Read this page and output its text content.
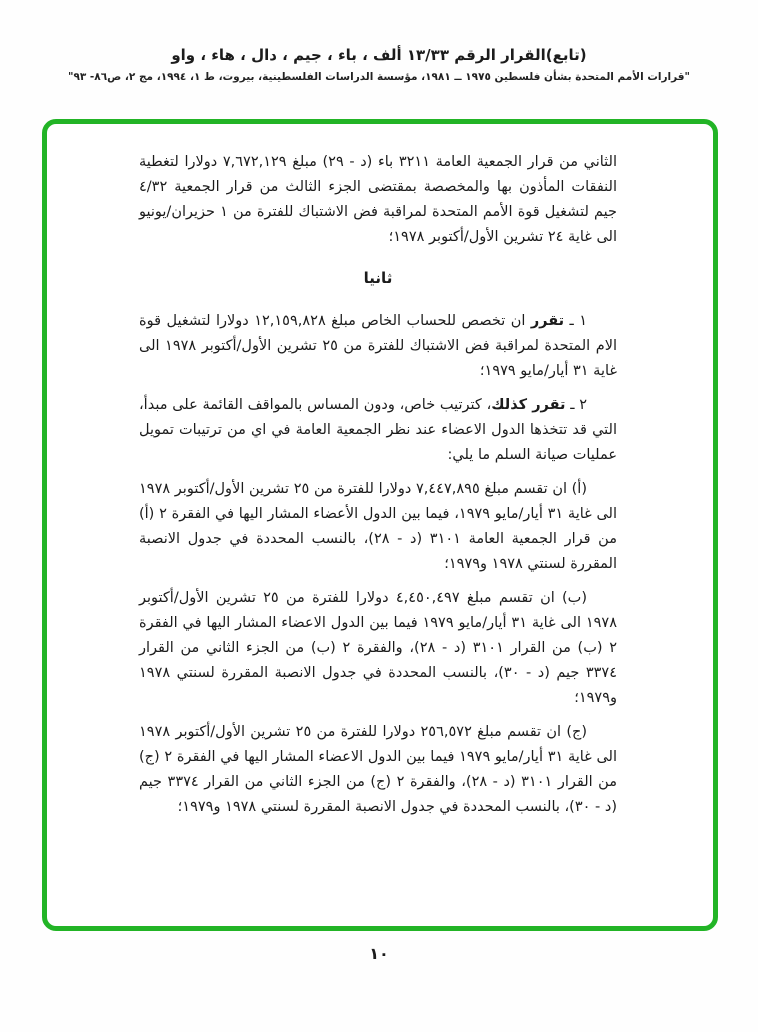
(تابع)القرار الرقم ١٣/٣٣ ألف ، باء ، جيم ، دال ، هاء ، واو
"قرارات الأمم المتحدة بشأن فلسطين ١٩٧٥ ــ ١٩٨١، مؤسسة الدراسات الفلسطينية، بيروت، ط ١، ١٩٩٤، مج ٢، ص٨٦- ٩٣"

الثاني من قرار الجمعية العامة ٣٢١١ باء (د - ٢٩) مبلغ ٧,٦٧٢,١٢٩ دولارا لتغطية النفقات المأذون بها والمخصصة بمقتضى الجزء الثالث من قرار الجمعية ٤/٣٢ جيم لتشغيل قوة الأمم المتحدة لمراقبة فض الاشتباك للفترة من ١ حزيران/يونيو الى غاية ٢٤ تشرين الأول/أكتوبر ١٩٧٨؛

ثانيا

١ ـ تقرر ان تخصص للحساب الخاص مبلغ ١٢,١٥٩,٨٢٨ دولارا لتشغيل قوة الام المتحدة لمراقبة فض الاشتباك للفترة من ٢٥ تشرين الأول/أكتوبر ١٩٧٨ الى غاية ٣١ أيار/مايو ١٩٧٩؛

٢ ـ تقرر كذلك، كترتيب خاص، ودون المساس بالمواقف القائمة على مبدأ، التي قد تتخذها الدول الاعضاء عند نظر الجمعية العامة في اي من ترتيبات تمويل عمليات صيانة السلم ما يلي:

(أ) ان تقسم مبلغ ٧,٤٤٧,٨٩٥ دولارا للفترة من ٢٥ تشرين الأول/أكتوبر ١٩٧٨ الى غاية ٣١ أيار/مايو ١٩٧٩، فيما بين الدول الأعضاء المشار اليها في الفقرة ٢ (أ) من قرار الجمعية العامة ٣١٠١ (د - ٢٨)، بالنسب المحددة في جدول الانصبة المقررة لسنتي ١٩٧٨ و١٩٧٩؛

(ب) ان تقسم مبلغ ٤,٤٥٠,٤٩٧ دولارا للفترة من ٢٥ تشرين الأول/أكتوبر ١٩٧٨ الى غاية ٣١ أيار/مايو ١٩٧٩ فيما بين الدول الاعضاء المشار اليها في الفقرة ٢ (ب) من القرار ٣١٠١ (د - ٢٨)، والفقرة ٢ (ب) من الجزء الثاني من القرار ٣٣٧٤ جيم (د - ٣٠)، بالنسب المحددة في جدول الانصبة المقررة لسنتي ١٩٧٨ و١٩٧٩؛

(ج) ان تقسم مبلغ ٢٥٦,٥٧٢ دولارا للفترة من ٢٥ تشرين الأول/أكتوبر ١٩٧٨ الى غاية ٣١ أيار/مايو ١٩٧٩ فيما بين الدول الاعضاء المشار اليها في الفقرة ٢ (ج) من القرار ٣١٠١ (د - ٢٨)، والفقرة ٢ (ج) من الجزء الثاني من القرار ٣٣٧٤ جيم (د - ٣٠)، بالنسب المحددة في جدول الانصبة المقررة لسنتي ١٩٧٨ و١٩٧٩؛

١٠
